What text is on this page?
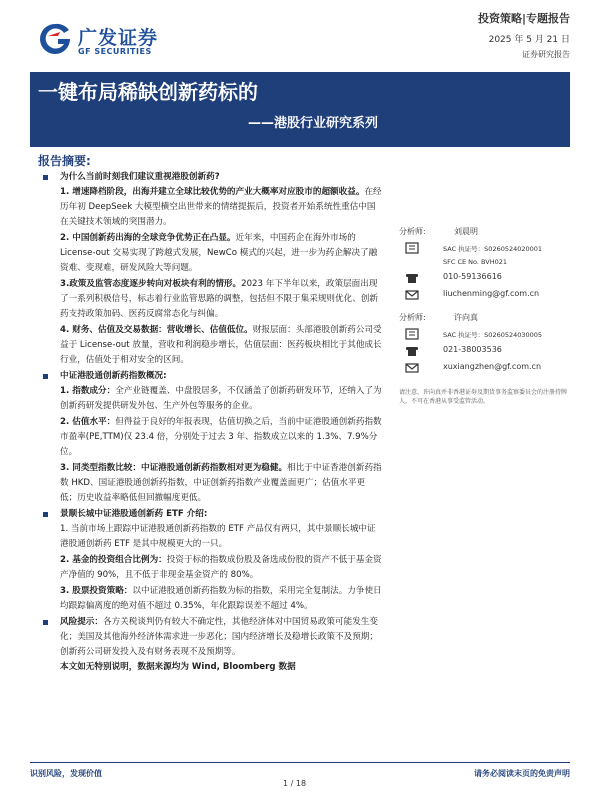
广发证券
GF SECURITIES
投资策略|专题报告
2025 年 5 月 21 日
证券研究报告
一键布局稀缺创新药标的
——港股行业研究系列
报告摘要:
为什么当前时刻我们建议重视港股创新药?
1. 增速降档阶段，出海并建立全球比较优势的产业大概率对应股市的超额收益。在经历年初 DeepSeek 大模型横空出世带来的情绪提振后，投资者开始系统性重估中国在关键技术领域的突围潜力。
2. 中国创新药出海的全球竞争优势正在凸显。近年来，中国药企在海外市场的 License-out 交易实现了跨越式发展，NewCo 模式的兴起，进一步为药企解决了融资难、变现难，研发风险大等问题。
3.政策及监管态度逐步转向对板块有利的情形。2023 年下半年以来，政策层面出现了一系列积极信号，标志着行业监管思路的调整，包括但不限于集采规则优化、创新药支持政策加码、医药反腐常态化与纠偏。
4. 财务、估值及交易数据：营收增长、估值低位。财报层面：头部港股创新药公司受益于 License-out 放量，营收和利润稳步增长，估值层面：医药板块相比于其他成长行业，估值处于相对安全的区间。
中证港股通创新药指数概况:
1. 指数成分：全产业链覆盖、中盘股居多，不仅涵盖了创新药研发环节，还纳入了为创新药研发提供研发外包、生产外包等服务的企业。
2. 估值水平：但得益于良好的年报表现，估值切换之后，当前中证港股通创新药指数市盈率(PE,TTM)仅 23.4 倍，分别处于过去 3 年、指数成立以来的 1.3%、7.9%分位。
3. 同类型指数比较：中证港股通创新药指数相对更为稳健。相比于中证香港创新药指数 HKD、国证港股通创新药指数，中证创新药指数产业覆盖面更广；估值水平更低；历史收益率略低但回撤幅度更低。
景顺长城中证港股通创新药 ETF 介绍:
1. 当前市场上跟踪中证港股通创新药指数的 ETF 产品仅有两只，其中景顺长城中证港股通创新药 ETF 是其中规模更大的一只。
2. 基金的投资组合比例为：投资于标的指数成份股及备选成份股的资产不低于基金资产净值的 90%，且不低于非现金基金资产的 80%。
3. 股票投资策略：以中证港股通创新药指数为标的指数，采用完全复制法。力争使日均跟踪偏离度的绝对值不超过 0.35%，年化跟踪误差不超过 4%。
风险提示：各方关税谈判仍有较大不确定性，其他经济体对中国贸易政策可能发生变化；美国及其他海外经济体需求进一步恶化；国内经济增长及稳增长政策不及预期；创新药公司研发投入及有财务表现不及预期等。
本文如无特别说明，数据来源均为 Wind, Bloomberg 数据
分析师:	刘晨明
SAC 执证号：S0260524020001
SFC CE No. BVH021
010-59136616
liuchenming@gf.com.cn
分析师:	许向真
SAC 执证号：S0260524030005
021-38003536
xuxiangzhen@gf.com.cn
请注意，许向真并非香港证券及期货事务监察委员会的注册持牌人，不可在香港从事受监管活动。
识别风险，发现价值
1 / 18
请务必阅读末页的免责声明
